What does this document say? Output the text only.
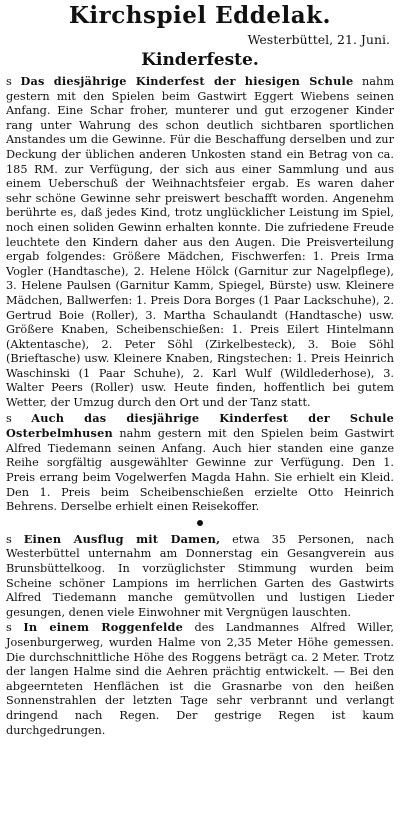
Kirchspiel Eddelak.
Westerbüttel, 21. Juni.
Kinderfeste.

s Das diesjährige Kinderfest der hiesigen Schule nahm gestern mit den Spielen beim Gastwirt Eggert Wiebens seinen Anfang. Eine Schar froher, munterer und gut erzogener Kinder rang unter Wahrung des schon deutlich sichtbaren sportlichen Anstandes um die Gewinne. Für die Beschaffung derselben und zur Deckung der üblichen anderen Unkosten stand ein Betrag von ca. 185 RM. zur Verfügung, der sich aus einer Sammlung und aus einem Ueberschuß der Weihnachtsfeier ergab. Es waren daher sehr schöne Gewinne sehr preiswert beschafft worden. Angenehm berührte es, daß jedes Kind, trotz unglücklicher Leistung im Spiel, noch einen soliden Gewinn erhalten konnte. Die zufriedene Freude leuchtete den Kindern daher aus den Augen. Die Preisverteilung ergab folgendes: Größere Mädchen, Fischwerfen: 1. Preis Irma Vogler (Handtasche), 2. Helene Hölck (Garnitur zur Nagelpflege), 3. Helene Paulsen (Garnitur Kamm, Spiegel, Bürste) usw. Kleinere Mädchen, Ballwerfen: 1. Preis Dora Borges (1 Paar Lackschuhe), 2. Gertrud Boie (Roller), 3. Martha Schaulandt (Handtasche) usw. Größere Knaben, Scheibenschießen: 1. Preis Eilert Hintelmann (Aktentasche), 2. Peter Söhl (Zirkelbesteck), 3. Boie Söhl (Brieftasche) usw. Kleinere Knaben, Ringstechen: 1. Preis Heinrich Waschinski (1 Paar Schuhe), 2. Karl Wulf (Wildlederhose), 3. Walter Peers (Roller) usw. Heute finden, hoffentlich bei gutem Wetter, der Umzug durch den Ort und der Tanz statt.

s Auch das diesjährige Kinderfest der Schule Osterbelmhusen nahm gestern mit den Spielen beim Gastwirt Alfred Tiedemann seinen Anfang. Auch hier standen eine ganze Reihe sorgfältig ausgewählter Gewinne zur Verfügung. Den 1. Preis errang beim Vogelwerfen Magda Hahn. Sie erhielt ein Kleid. Den 1. Preis beim Scheibenschießen erzielte Otto Heinrich Behrens. Derselbe erhielt einen Reisekoffer.

s Einen Ausflug mit Damen, etwa 35 Personen, nach Westerbüttel unternahm am Donnerstag ein Gesangverein aus Brunsbüttelkoog. In vorzüglichster Stimmung wurden beim Scheine schöner Lampions im herrlichen Garten des Gastwirts Alfred Tiedemann manche gemütvollen und lustigen Lieder gesungen, denen viele Einwohner mit Vergnügen lauschten.

s In einem Roggenfelde des Landmannes Alfred Willer, Josenburgerweg, wurden Halme von 2,35 Meter Höhe gemessen. Die durchschnittliche Höhe des Roggens beträgt ca. 2 Meter. Trotz der langen Halme sind die Aehren prächtig entwickelt. — Bei den abgeernteten Henflächen ist die Grasnarbe von den heißen Sonnenstrahlen der letzten Tage sehr verbrannt und verlangt dringend nach Regen. Der gestrige Regen ist kaum durchgedrungen.
